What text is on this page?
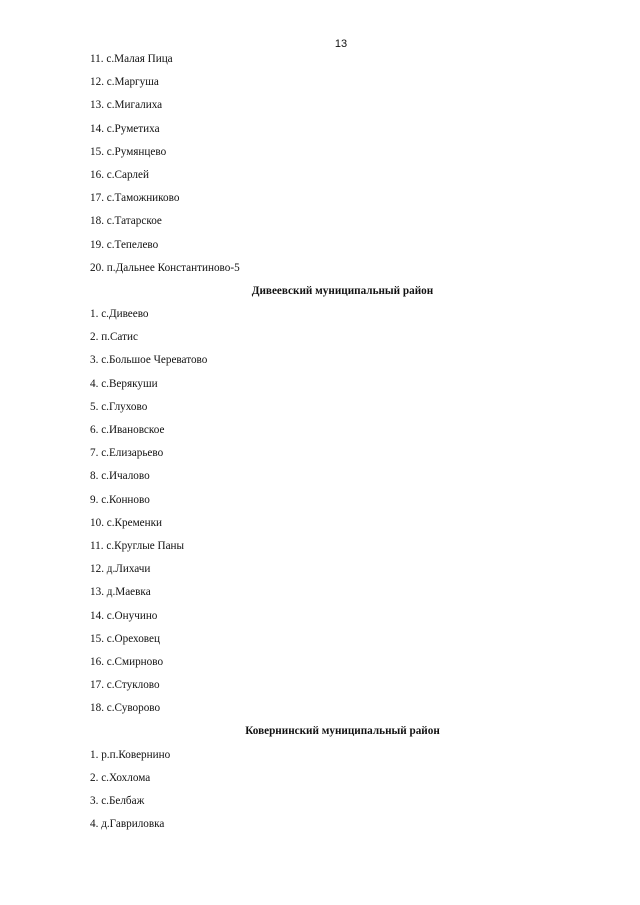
13
11. с.Малая Пица
12. с.Маргуша
13. с.Мигалиха
14. с.Руметиха
15. с.Румянцево
16. с.Сарлей
17. с.Таможниково
18. с.Татарское
19. с.Тепелево
20. п.Дальнее Константиново-5
Дивеевский муниципальный район
1. с.Дивеево
2. п.Сатис
3. с.Большое Череватово
4. с.Верякуши
5. с.Глухово
6. с.Ивановское
7. с.Елизарьево
8. с.Ичалово
9. с.Конново
10. с.Кременки
11. с.Круглые Паны
12. д.Лихачи
13. д.Маевка
14. с.Онучино
15. с.Ореховец
16. с.Смирново
17. с.Стуклово
18. с.Суворово
Ковернинский муниципальный район
1. р.п.Ковернино
2. с.Хохлома
3. с.Белбаж
4. д.Гавриловка
